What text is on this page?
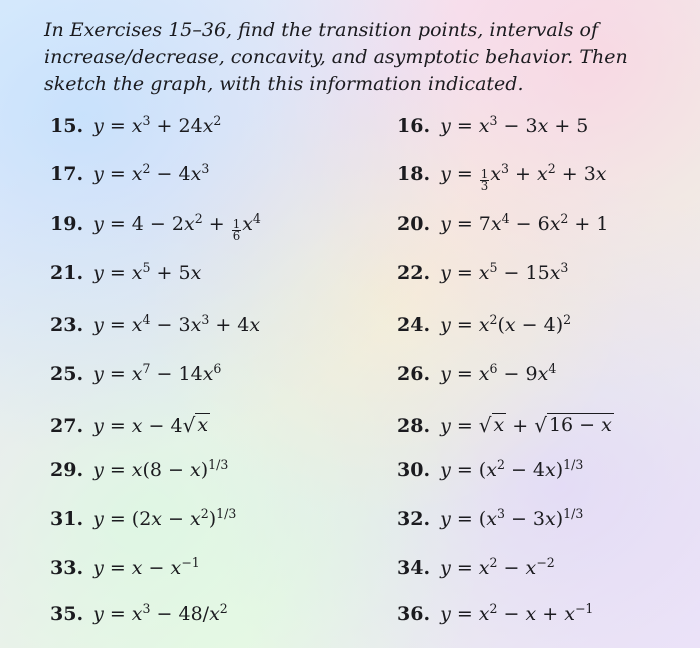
In Exercises 15–36, find the transition points, intervals of increase/decrease, concavity, and asymptotic behavior. Then sketch the graph, with this information indicated.

15. $y = x^3 + 24x^2$	16. $y = x^3 - 3x + 5$
17. $y = x^2 - 4x^3$	18. $y = \frac{1}{3} x^3 + x^2 + 3x$
19. $y = 4 - 2x^2 + \frac{1}{6} x^4$	20. $y = 7x^4 - 6x^2 + 1$
21. $y = x^5 + 5x$	22. $y = x^5 - 15x^3$
23. $y = x^4 - 3x^3 + 4x$	24. $y = x^2(x - 4)^2$
25. $y = x^7 - 14x^6$	26. $y = x^6 - 9x^4$
27. y = x − 4 √ x	28. y = √ x + √ 16 − x
29. $y = x(8 - x)^{1/3}$	30. $y = (x^2 - 4x)^{1/3}$
31. $y = (2x - x^2)^{1/3}$	32. $y = (x^3 - 3x)^{1/3}$
33. $y = x - x^{-1}$	34. $y = x^2 - x^{-2}$
35. $y = x^3 - 48/x^2$	36. $y = x^2 - x + x^{-1}$
